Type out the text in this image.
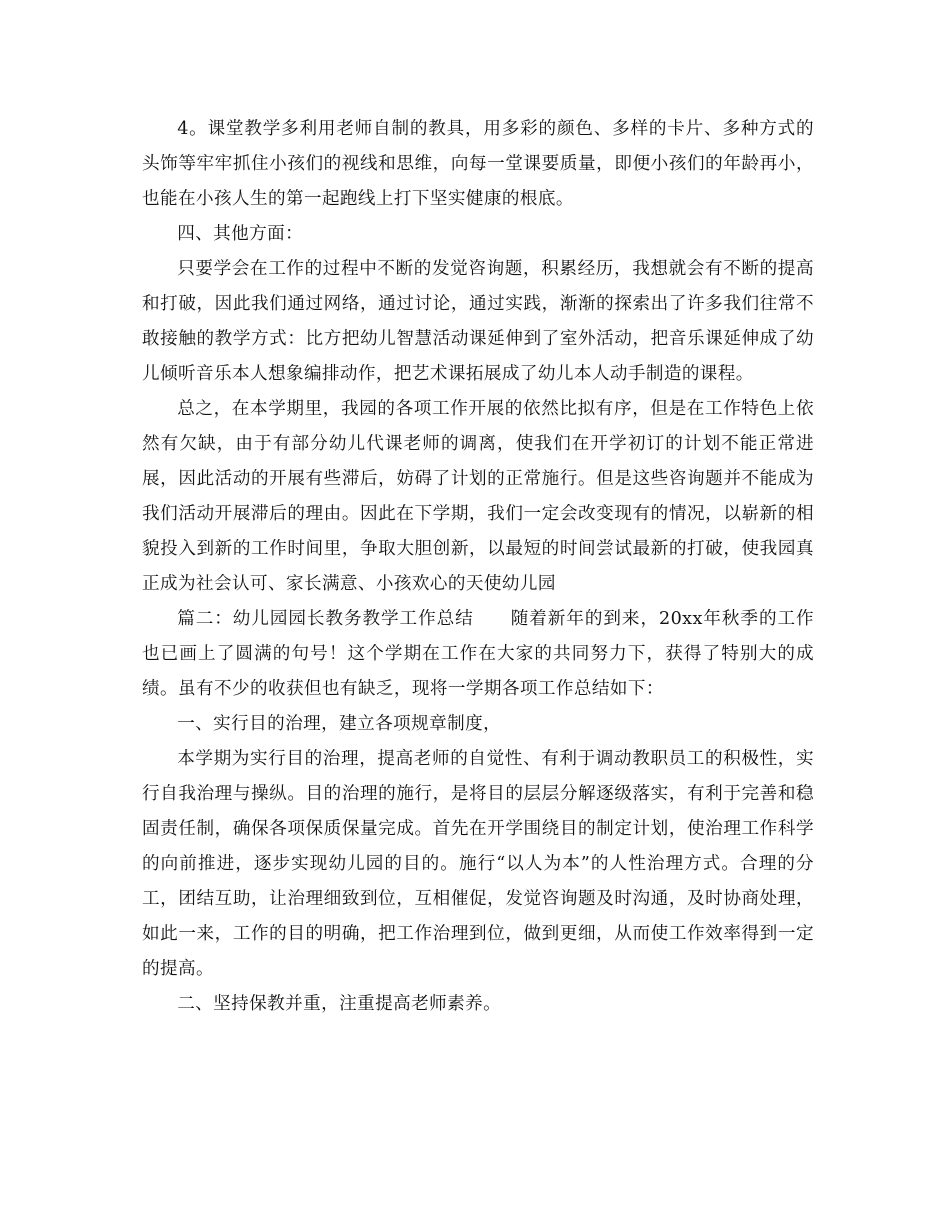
4。课堂教学多利用老师自制的教具，用多彩的颜色、多样的卡片、多种方式的头饰等牢牢抓住小孩们的视线和思维，向每一堂课要质量，即便小孩们的年龄再小，也能在小孩人生的第一起跑线上打下坚实健康的根底。

四、其他方面：

只要学会在工作的过程中不断的发觉咨询题，积累经历，我想就会有不断的提高和打破，因此我们通过网络，通过讨论，通过实践，渐渐的探索出了许多我们往常不敢接触的教学方式：比方把幼儿智慧活动课延伸到了室外活动，把音乐课延伸成了幼儿倾听音乐本人想象编排动作，把艺术课拓展成了幼儿本人动手制造的课程。

总之，在本学期里，我园的各项工作开展的依然比拟有序，但是在工作特色上依然有欠缺，由于有部分幼儿代课老师的调离，使我们在开学初订的计划不能正常进展，因此活动的开展有些滞后，妨碍了计划的正常施行。但是这些咨询题并不能成为我们活动开展滞后的理由。因此在下学期，我们一定会改变现有的情况，以崭新的相貌投入到新的工作时间里，争取大胆创新，以最短的时间尝试最新的打破，使我园真正成为社会认可、家长满意、小孩欢心的天使幼儿园

篇二：幼儿园园长教务教学工作总结　　随着新年的到来，20xx年秋季的工作也已画上了圆满的句号！这个学期在工作在大家的共同努力下，获得了特别大的成绩。虽有不少的收获但也有缺乏，现将一学期各项工作总结如下：

一、实行目的治理，建立各项规章制度，

本学期为实行目的治理，提高老师的自觉性、有利于调动教职员工的积极性，实行自我治理与操纵。目的治理的施行，是将目的层层分解逐级落实，有利于完善和稳固责任制，确保各项保质保量完成。首先在开学围绕目的制定计划，使治理工作科学的向前推进，逐步实现幼儿园的目的。施行“以人为本”的人性治理方式。合理的分工，团结互助，让治理细致到位，互相催促，发觉咨询题及时沟通，及时协商处理，如此一来，工作的目的明确，把工作治理到位，做到更细，从而使工作效率得到一定的提高。

二、坚持保教并重，注重提高老师素养。
